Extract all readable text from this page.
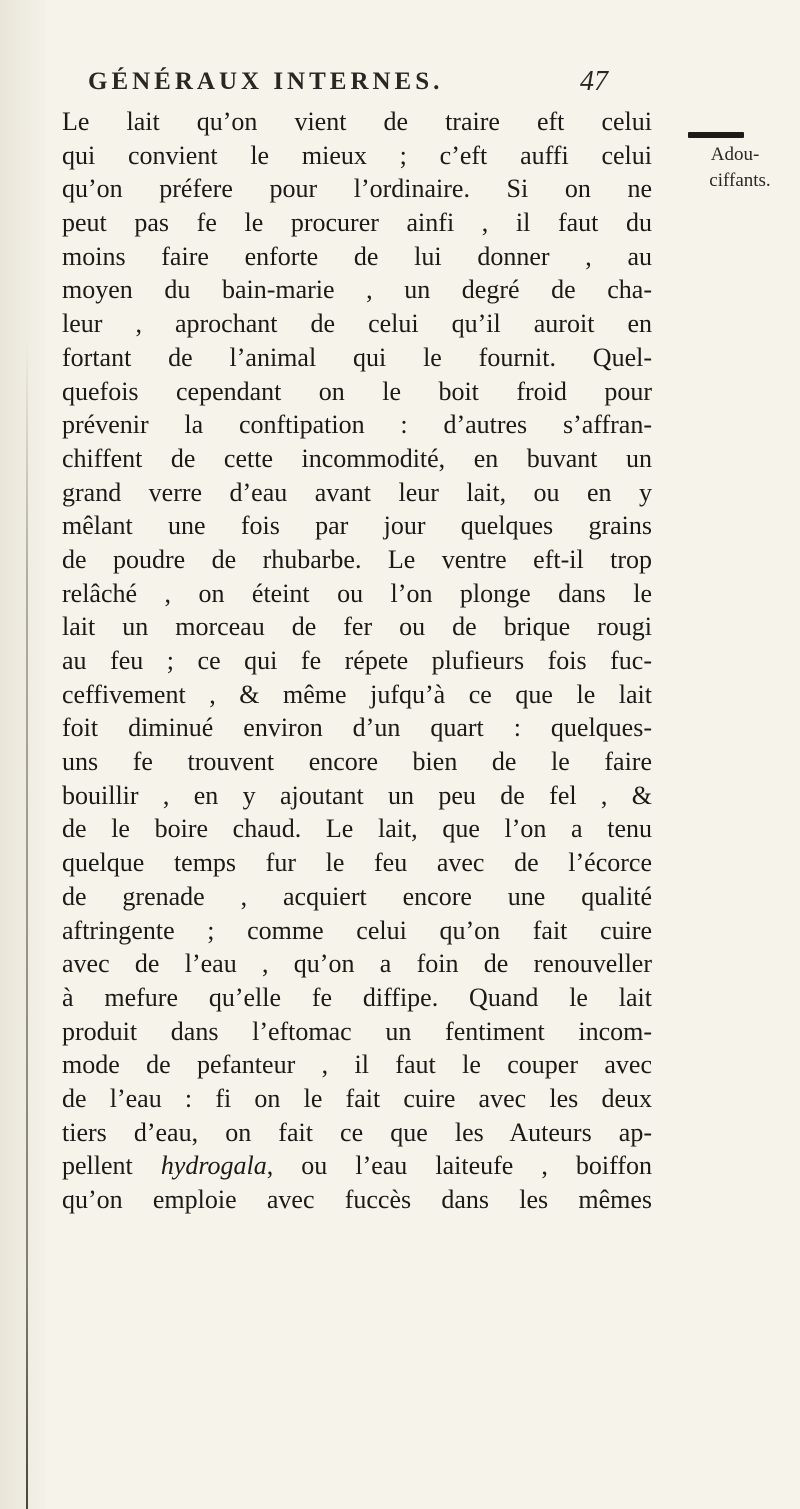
GÉNÉRAUX INTERNES.	47
Adou-
ciffants.
Le lait qu’on vient de traire eft celui
qui convient le mieux ; c’eft auffi celui
qu’on préfere pour l’ordinaire. Si on ne
peut pas fe le procurer ainfi , il faut du
moins faire enforte de lui donner , au
moyen du bain-marie , un degré de cha-
leur , aprochant de celui qu’il auroit en
fortant de l’animal qui le fournit. Quel-
quefois cependant on le boit froid pour
prévenir la conftipation : d’autres s’affran-
chiffent de cette incommodité, en buvant un
grand verre d’eau avant leur lait, ou en y
mêlant une fois par jour quelques grains
de poudre de rhubarbe. Le ventre eft-il trop
relâché , on éteint ou l’on plonge dans le
lait un morceau de fer ou de brique rougi
au feu ; ce qui fe répete plufieurs fois fuc-
ceffivement , & même jufqu’à ce que le lait
foit diminué environ d’un quart : quelques-
uns fe trouvent encore bien de le faire
bouillir , en y ajoutant un peu de fel , &
de le boire chaud. Le lait, que l’on a tenu
quelque temps fur le feu avec de l’écorce
de grenade , acquiert encore une qualité
aftringente ; comme celui qu’on fait cuire
avec de l’eau , qu’on a foin de renouveller
à mefure qu’elle fe diffipe. Quand le lait
produit dans l’eftomac un fentiment incom-
mode de pefanteur , il faut le couper avec
de l’eau : fi on le fait cuire avec les deux
tiers d’eau, on fait ce que les Auteurs ap-
pellent hydrogala, ou l’eau laiteufe , boiffon
qu’on emploie avec fuccès dans les mêmes
